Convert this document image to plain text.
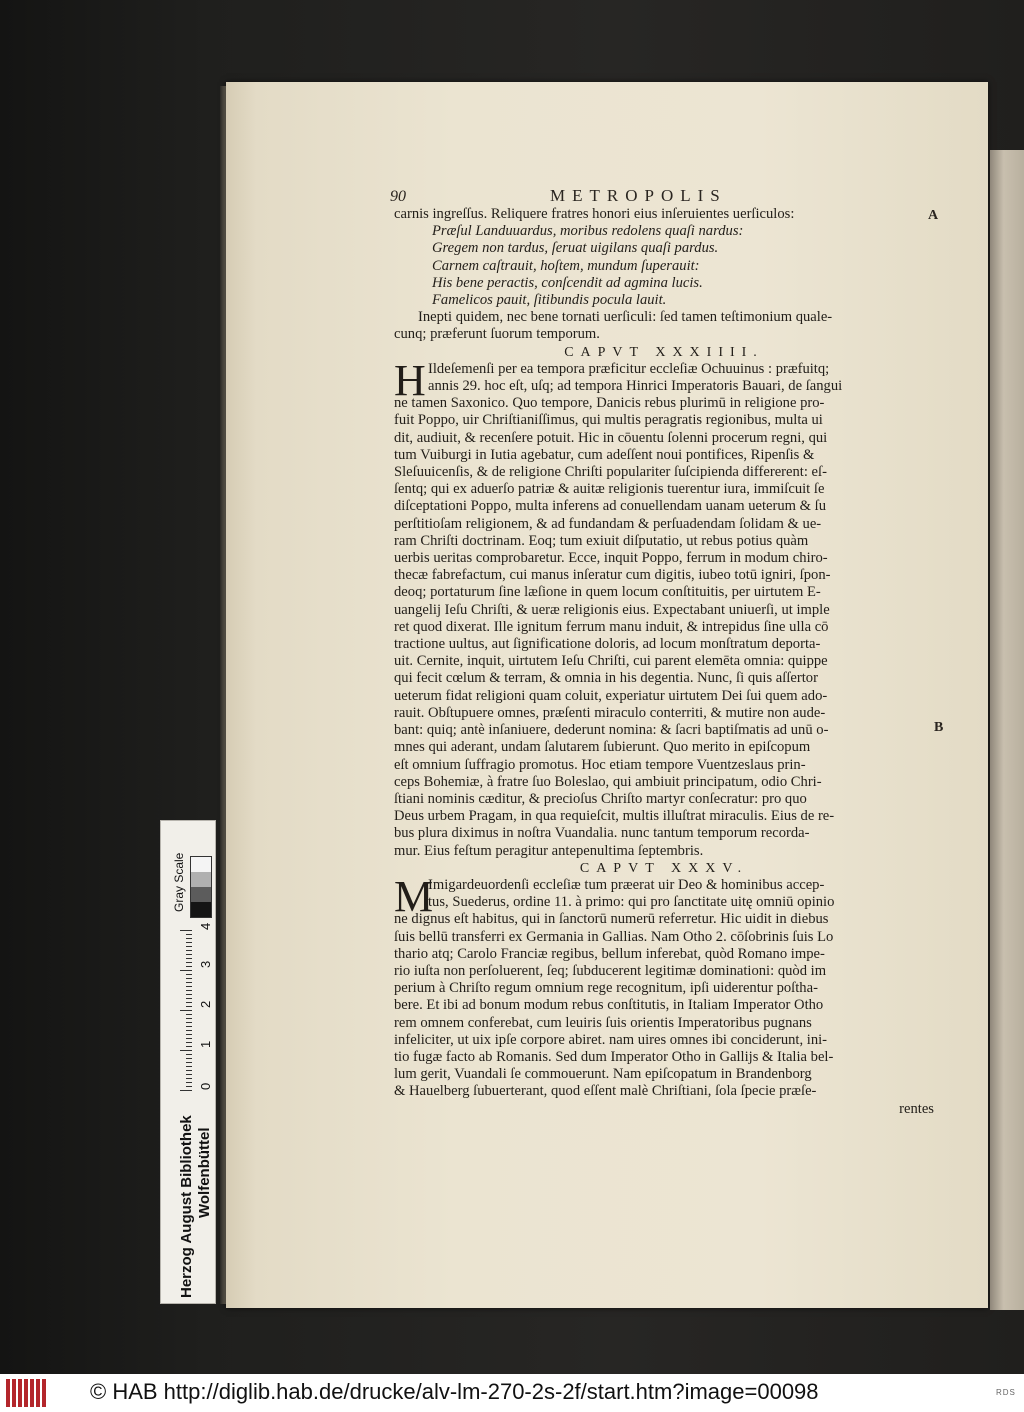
90	METROPOLIS
A
B
carnis ingreſſus. Reliquere fratres honori eius inſeruientes uerſiculos:
Præſul Landuuardus, moribus redolens quaſi nardus:
Gregem non tardus, ſeruat uigilans quaſi pardus.
Carnem caſtrauit, hoſtem, mundum ſuperauit:
His bene peractis, conſcendit ad agmina lucis.
Famelicos pauit, ſitibundis pocula lauit.
Inepti quidem, nec bene tornati uerſiculi: ſed tamen teſtimonium quale-
cunq; præferunt ſuorum temporum.
CAPVT XXXIIII.
H Ildeſemenſi per ea tempora præficitur eccleſiæ Ochuuinus : præfuitq;
annis 29. hoc eſt, uſq; ad tempora Hinrici Imperatoris Bauari, de ſangui
ne tamen Saxonico. Quo tempore, Danicis rebus plurimū in religione pro-
fuit Poppo, uir Chriſtianiſſimus, qui multis peragratis regionibus, multa ui
dit, audiuit, & recenſere potuit. Hic in cōuentu ſolenni procerum regni, qui
tum Vuiburgi in Iutia agebatur, cum adeſſent noui pontifices, Ripenſis &
Sleſuuicenſis, & de religione Chriſti populariter ſuſcipienda differerent: eſ-
ſentq; qui ex aduerſo patriæ & auitæ religionis tuerentur iura, immiſcuit ſe
diſceptationi Poppo, multa inferens ad conuellendam uanam ueterum & ſu
perſtitioſam religionem, & ad fundandam & perſuadendam ſolidam & ue-
ram Chriſti doctrinam. Eoq; tum exiuit diſputatio, ut rebus potius quàm
uerbis ueritas comprobaretur. Ecce, inquit Poppo, ferrum in modum chiro-
thecæ fabrefactum, cui manus inſeratur cum digitis, iubeo totū igniri, ſpon-
deoq; portaturum ſine læſione in quem locum conſtituitis, per uirtutem E-
uangelij Ieſu Chriſti, & ueræ religionis eius. Expectabant uniuerſi, ut imple
ret quod dixerat. Ille ignitum ferrum manu induit, & intrepidus ſine ulla cō
tractione uultus, aut ſignificatione doloris, ad locum monſtratum deporta-
uit. Cernite, inquit, uirtutem Ieſu Chriſti, cui parent elemēta omnia: quippe
qui fecit cœlum & terram, & omnia in his degentia. Nunc, ſi quis aſſertor
ueterum fidat religioni quam coluit, experiatur uirtutem Dei ſui quem ado-
rauit. Obſtupuere omnes, præſenti miraculo conterriti, & mutire non aude-
bant: quiq; antè inſaniuere, dederunt nomina: & ſacri baptiſmatis ad unū o-
mnes qui aderant, undam ſalutarem ſubierunt. Quo merito in epiſcopum
eſt omnium ſuffragio promotus. Hoc etiam tempore Vuentzeslaus prin-
ceps Bohemiæ, à fratre ſuo Boleslao, qui ambiuit principatum, odio Chri-
ſtiani nominis cæditur, & precioſus Chriſto martyr conſecratur: pro quo
Deus urbem Pragam, in qua requieſcit, multis illuſtrat miraculis. Eius de re-
bus plura diximus in noſtra Vuandalia. nunc tantum temporum recorda-
mur. Eius feſtum peragitur antepenultima ſeptembris.
CAPVT XXXV.
M
Imigardeuordenſi eccleſiæ tum præerat uir Deo & hominibus accep-
tus, Suederus, ordine 11. à primo: qui pro ſanctitate uitę omniū opinio
ne dignus eſt habitus, qui in ſanctorū numerū referretur. Hic uidit in diebus
ſuis bellū transferri ex Germania in Gallias. Nam Otho 2. cōſobrinis ſuis Lo
thario atq; Carolo Franciæ regibus, bellum inferebat, quòd Romano impe-
rio iuſta non perſoluerent, ſeq; ſubducerent legitimæ dominationi: quòd im
perium à Chriſto regum omnium rege recognitum, ipſi uiderentur poſtha-
bere. Et ibi ad bonum modum rebus conſtitutis, in Italiam Imperator Otho
rem omnem conferebat, cum leuiris ſuis orientis Imperatoribus pugnans
infeliciter, ut uix ipſe corpore abiret. nam uires omnes ibi conciderunt, ini-
tio fugæ facto ab Romanis. Sed dum Imperator Otho in Gallijs & Italia bel-
lum gerit, Vuandali ſe commouerunt. Nam epiſcopatum in Brandenborg
& Hauelberg ſubuerterant, quod eſſent malè Chriſtiani, ſola ſpecie præſe-
rentes
Gray Scale
0
1
2
3
4
Herzog August Bibliothek Wolfenbüttel
© HAB http://diglib.hab.de/drucke/alv-lm-270-2s-2f/start.htm?image=00098	RDS
